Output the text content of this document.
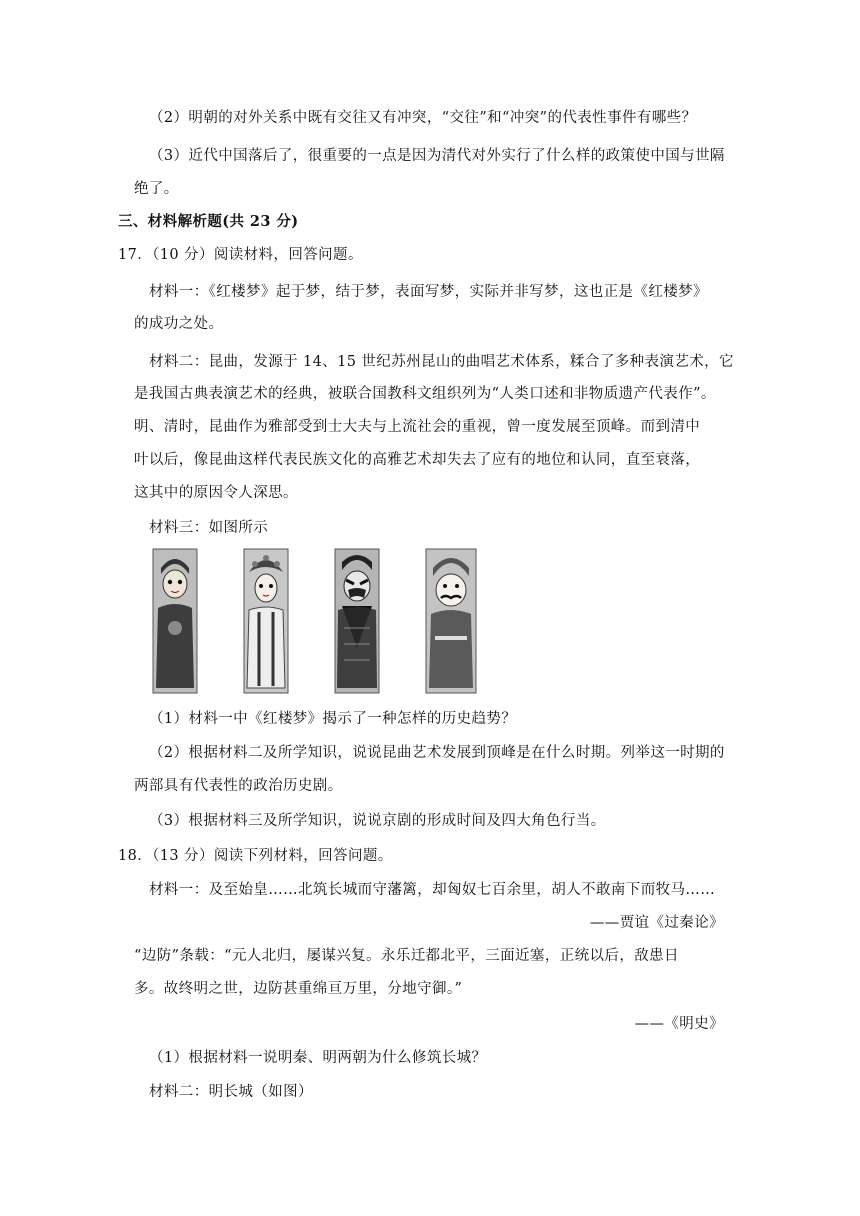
（2）明朝的对外关系中既有交往又有冲突，“交往”和“冲突”的代表性事件有哪些？
（3）近代中国落后了，很重要的一点是因为清代对外实行了什么样的政策使中国与世隔
绝了。
三、材料解析题(共 23 分)
17．（10 分）阅读材料，回答问题。
材料一：《红楼梦》起于梦，结于梦，表面写梦，实际并非写梦，这也正是《红楼梦》
的成功之处。
材料二：昆曲，发源于 14、15 世纪苏州昆山的曲唱艺术体系，糅合了多种表演艺术，它
是我国古典表演艺术的经典，被联合国教科文组织列为“人类口述和非物质遗产代表作”。
明、清时，昆曲作为雅部受到士大夫与上流社会的重视，曾一度发展至顶峰。而到清中
叶以后，像昆曲这样代表民族文化的高雅艺术却失去了应有的地位和认同，直至衰落，
这其中的原因令人深思。
材料三：如图所示
（1）材料一中《红楼梦》揭示了一种怎样的历史趋势？
（2）根据材料二及所学知识，说说昆曲艺术发展到顶峰是在什么时期。列举这一时期的
两部具有代表性的政治历史剧。
（3）根据材料三及所学知识，说说京剧的形成时间及四大角色行当。
18．（13 分）阅读下列材料，回答问题。
材料一：及至始皇……北筑长城而守藩篱，却匈奴七百余里，胡人不敢南下而牧马……
——贾谊《过秦论》
“边防”条载：“元人北归，屡谋兴复。永乐迁都北平，三面近塞，正统以后，敌患日
多。故终明之世，边防甚重绵亘万里，分地守御。”
——《明史》
（1）根据材料一说明秦、明两朝为什么修筑长城？
材料二：明长城（如图）
